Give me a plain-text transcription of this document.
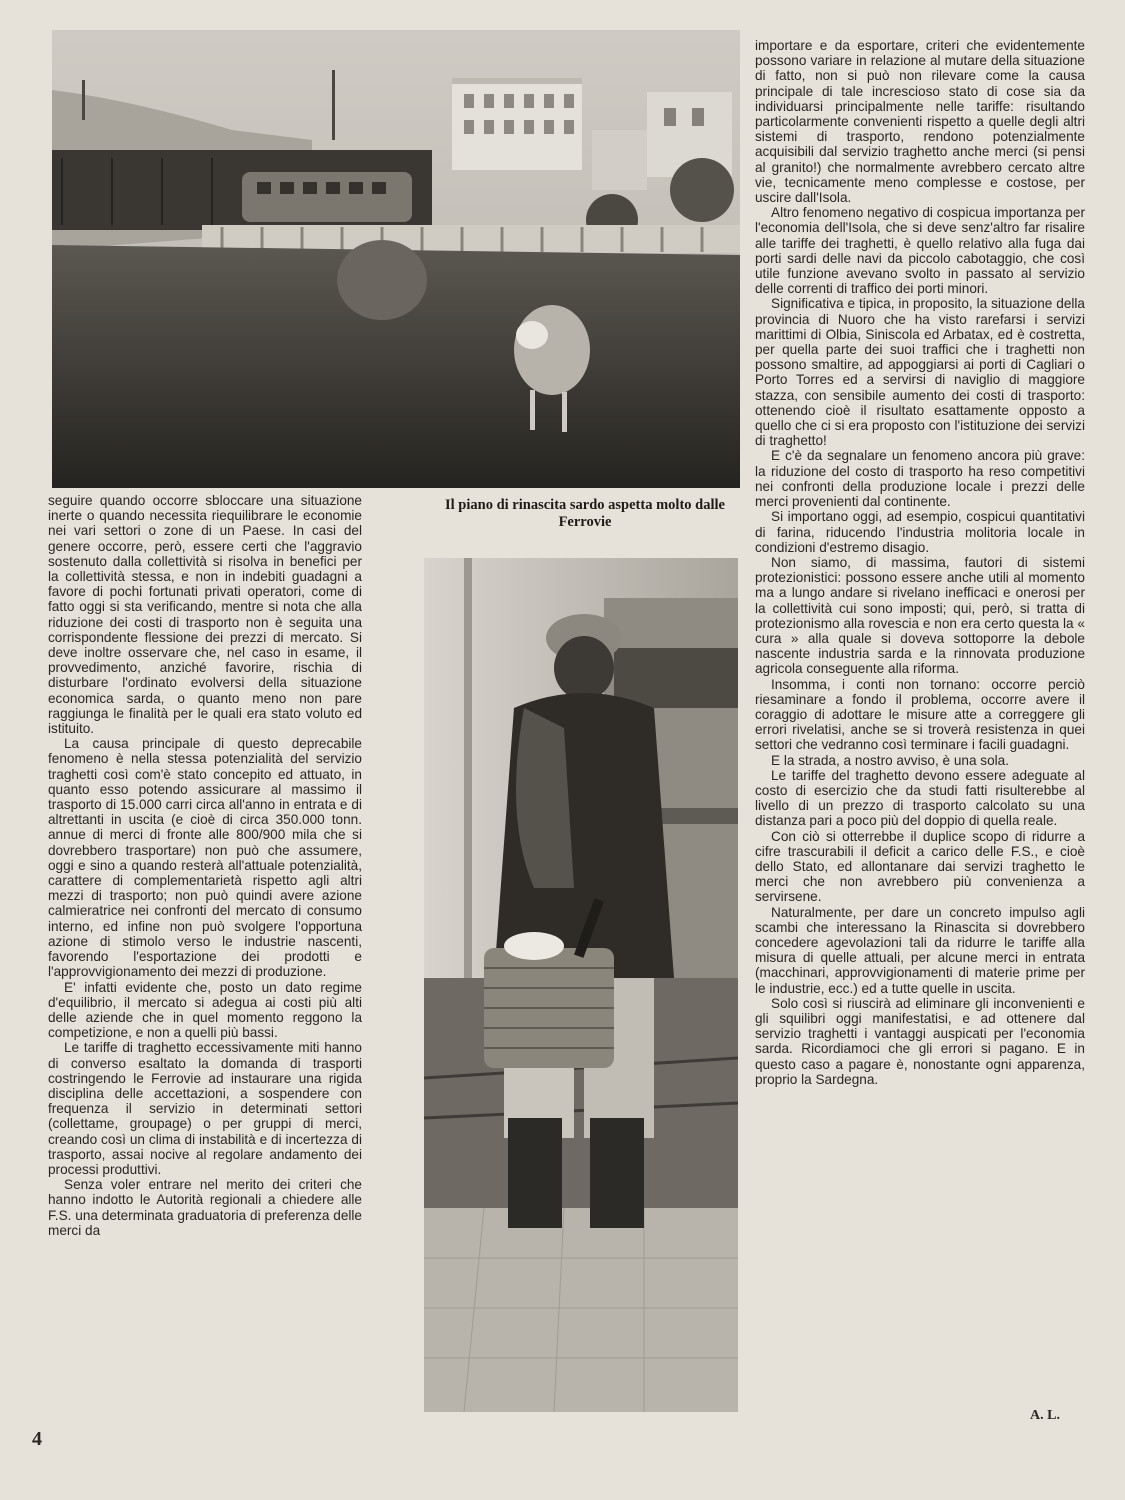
Il piano di rinascita sardo aspetta molto dalle Ferrovie

seguire quando occorre sbloccare una situazione inerte o quando necessita riequilibrare le economie nei vari settori o zone di un Paese. In casi del genere occorre, però, essere certi che l'aggravio sostenuto dalla collettività si risolva in benefici per la collettività stessa, e non in indebiti guadagni a favore di pochi fortunati privati operatori, come di fatto oggi si sta verificando, mentre si nota che alla riduzione dei costi di trasporto non è seguita una corrispondente flessione dei prezzi di mercato. Si deve inoltre osservare che, nel caso in esame, il provvedimento, anziché favorire, rischia di disturbare l'ordinato evolversi della situazione economica sarda, o quanto meno non pare raggiunga le finalità per le quali era stato voluto ed istituito.

La causa principale di questo deprecabile fenomeno è nella stessa potenzialità del servizio traghetti così com'è stato concepito ed attuato, in quanto esso potendo assicurare al massimo il trasporto di 15.000 carri circa all'anno in entrata e di altrettanti in uscita (e cioè di circa 350.000 tonn. annue di merci di fronte alle 800/900 mila che si dovrebbero trasportare) non può che assumere, oggi e sino a quando resterà all'attuale potenzialità, carattere di complementarietà rispetto agli altri mezzi di trasporto; non può quindi avere azione calmieratrice nei confronti del mercato di consumo interno, ed infine non può svolgere l'opportuna azione di stimolo verso le industrie nascenti, favorendo l'esportazione dei prodotti e l'approvvigionamento dei mezzi di produzione.

E' infatti evidente che, posto un dato regime d'equilibrio, il mercato si adegua ai costi più alti delle aziende che in quel momento reggono la competizione, e non a quelli più bassi.

Le tariffe di traghetto eccessivamente miti hanno di converso esaltato la domanda di trasporti costringendo le Ferrovie ad instaurare una rigida disciplina delle accettazioni, a sospendere con frequenza il servizio in determinati settori (collettame, groupage) o per gruppi di merci, creando così un clima di instabilità e di incertezza di trasporto, assai nocive al regolare andamento dei processi produttivi.

Senza voler entrare nel merito dei criteri che hanno indotto le Autorità regionali a chiedere alle F.S. una determinata graduatoria di preferenza delle merci da

importare e da esportare, criteri che evidentemente possono variare in relazione al mutare della situazione di fatto, non si può non rilevare come la causa principale di tale increscioso stato di cose sia da individuarsi principalmente nelle tariffe: risultando particolarmente convenienti rispetto a quelle degli altri sistemi di trasporto, rendono potenzialmente acquisibili dal servizio traghetto anche merci (si pensi al granito!) che normalmente avrebbero cercato altre vie, tecnicamente meno complesse e costose, per uscire dall'Isola.

Altro fenomeno negativo di cospicua importanza per l'economia dell'Isola, che si deve senz'altro far risalire alle tariffe dei traghetti, è quello relativo alla fuga dai porti sardi delle navi da piccolo cabotaggio, che così utile funzione avevano svolto in passato al servizio delle correnti di traffico dei porti minori.

Significativa e tipica, in proposito, la situazione della provincia di Nuoro che ha visto rarefarsi i servizi marittimi di Olbia, Siniscola ed Arbatax, ed è costretta, per quella parte dei suoi traffici che i traghetti non possono smaltire, ad appoggiarsi ai porti di Cagliari o Porto Torres ed a servirsi di naviglio di maggiore stazza, con sensibile aumento dei costi di trasporto: ottenendo cioè il risultato esattamente opposto a quello che ci si era proposto con l'istituzione dei servizi di traghetto!

E c'è da segnalare un fenomeno ancora più grave: la riduzione del costo di trasporto ha reso competitivi nei confronti della produzione locale i prezzi delle merci provenienti dal continente.

Si importano oggi, ad esempio, cospicui quantitativi di farina, riducendo l'industria molitoria locale in condizioni d'estremo disagio.

Non siamo, di massima, fautori di sistemi protezionistici: possono essere anche utili al momento ma a lungo andare si rivelano inefficaci e onerosi per la collettività cui sono imposti; qui, però, si tratta di protezionismo alla rovescia e non era certo questa la « cura » alla quale si doveva sottoporre la debole nascente industria sarda e la rinnovata produzione agricola conseguente alla riforma.

Insomma, i conti non tornano: occorre perciò riesaminare a fondo il problema, occorre avere il coraggio di adottare le misure atte a correggere gli errori rivelatisi, anche se si troverà resistenza in quei settori che vedranno così terminare i facili guadagni.

E la strada, a nostro avviso, è una sola.

Le tariffe del traghetto devono essere adeguate al costo di esercizio che da studi fatti risulterebbe al livello di un prezzo di trasporto calcolato su una distanza pari a poco più del doppio di quella reale.

Con ciò si otterrebbe il duplice scopo di ridurre a cifre trascurabili il deficit a carico delle F.S., e cioè dello Stato, ed allontanare dai servizi traghetto le merci che non avrebbero più convenienza a servirsene.

Naturalmente, per dare un concreto impulso agli scambi che interessano la Rinascita si dovrebbero concedere agevolazioni tali da ridurre le tariffe alla misura di quelle attuali, per alcune merci in entrata (macchinari, approvvigionamenti di materie prime per le industrie, ecc.) ed a tutte quelle in uscita.

Solo così si riuscirà ad eliminare gli inconvenienti e gli squilibri oggi manifestatisi, e ad ottenere dal servizio traghetti i vantaggi auspicati per l'economia sarda. Ricordiamoci che gli errori si pagano. E in questo caso a pagare è, nonostante ogni apparenza, proprio la Sardegna.

A. L.
4
